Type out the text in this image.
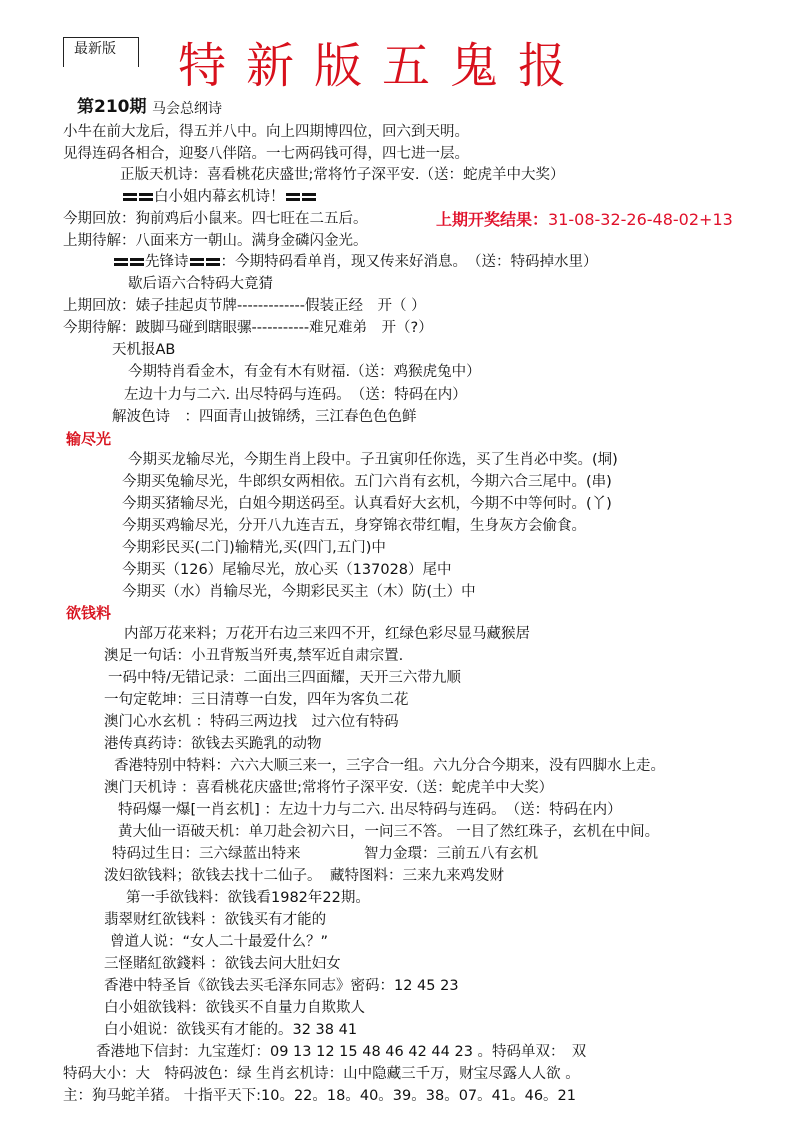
最新版	特新版五鬼报
第210期 马会总纲诗
小牛在前大龙后，得五并八中。向上四期博四位，回六到天明。
见得连码各相合，迎娶八伴陪。一七两码钱可得，四七进一层。
正版天机诗：喜看桃花庆盛世;常将竹子深平安.（送：蛇虎羊中大奖）
白小姐内幕玄机诗！
今期回放：狗前鸡后小鼠来。四七旺在二五后。	上期开奖结果：31-08-32-26-48-02+13
上期待解：八面来方一朝山。满身金磷闪金光。
先锋诗 ：今期特码看单肖，现又传来好消息。　（送：特码掉水里）
歇后语六合特码大竟猜
上期回放：婊子挂起贞节牌-------------假装正经　开（ ）
今期待解：跛脚马碰到瞎眼骡-----------难兄难弟　开（?）
天机报AB
今期特肖看金木，有金有木有财福.（送：鸡猴虎兔中）
左边十力与二六. 出尽特码与连码。　（送：特码在内）
解波色诗　：四面青山披锦绣，三江春色色色鲜
输尽光
今期买龙输尽光，今期生肖上段中。子丑寅卯任你选，买了生肖必中奖。(垌)
今期买兔输尽光，牛郎织女两相依。五门六肖有玄机，今期六合三尾中。(串)
今期买猪输尽光，白姐今期送码至。认真看好大玄机，今期不中等何时。(丫)
今期买鸡输尽光，分开八九连吉五，身穿锦衣带红帽，生身灰方会偷食。
今期彩民买(二门)输精光,买(四门,五门)中
今期买（126）尾输尽光，放心买（137028）尾中
今期买（水）肖输尽光，今期彩民买主（木）防(土）中
欲钱料
内部万花来料；万花开右边三来四不开，红绿色彩尽显马藏猴居
澳足一句话：小丑背叛当歼夷,禁军近自肃宗置.
一码中特/无错记录：二面出三四面耀，天开三六带九顺
一句定乾坤：三日清尊一白发，四年为客负二花
澳门心水玄机 ：特码三两边找　过六位有特码
港传真药诗：欲钱去买跪乳的动物
香港特别中特料：六六大顺三来一，三字合一组。六九分合今期来，没有四脚水上走。
澳门天机诗 ：喜看桃花庆盛世;常将竹子深平安.（送：蛇虎羊中大奖）
特码爆一爆[一肖玄机] ：左边十力与二六. 出尽特码与连码。　（送：特码在内）
黄大仙一语破天机：单刀赴会初六日，一问三不答。 一目了然红珠子，玄机在中间。
特码过生日：三六绿蓝出特来	智力金環：三前五八有玄机
泼妇欲钱料；欲钱去找十二仙子。 藏特图料：三来九来鸡发财
第一手欲钱料：欲钱看1982年22期。
翡翠财红欲钱料 ：欲钱买有才能的
曾道人说：“女人二十最爱什么？”
三怪賭紅欲錢料 ：欲钱去问大肚妇女
香港中特圣旨《欲钱去买毛泽东同志》密码：12 45 23
白小姐欲钱料：欲钱买不自量力自欺欺人
白小姐说：欲钱买有才能的。32 38 41
香港地下信封：九宝莲灯：09 13 12 15 48 46 42 44 23 。特码单双：　双
特码大小：大　特码波色：绿 生肖玄机诗：山中隐藏三千万，财宝尽露人人欲 。
主：狗马蛇羊猪。 十指平天下:10。22。18。40。39。38。07。41。46。21
